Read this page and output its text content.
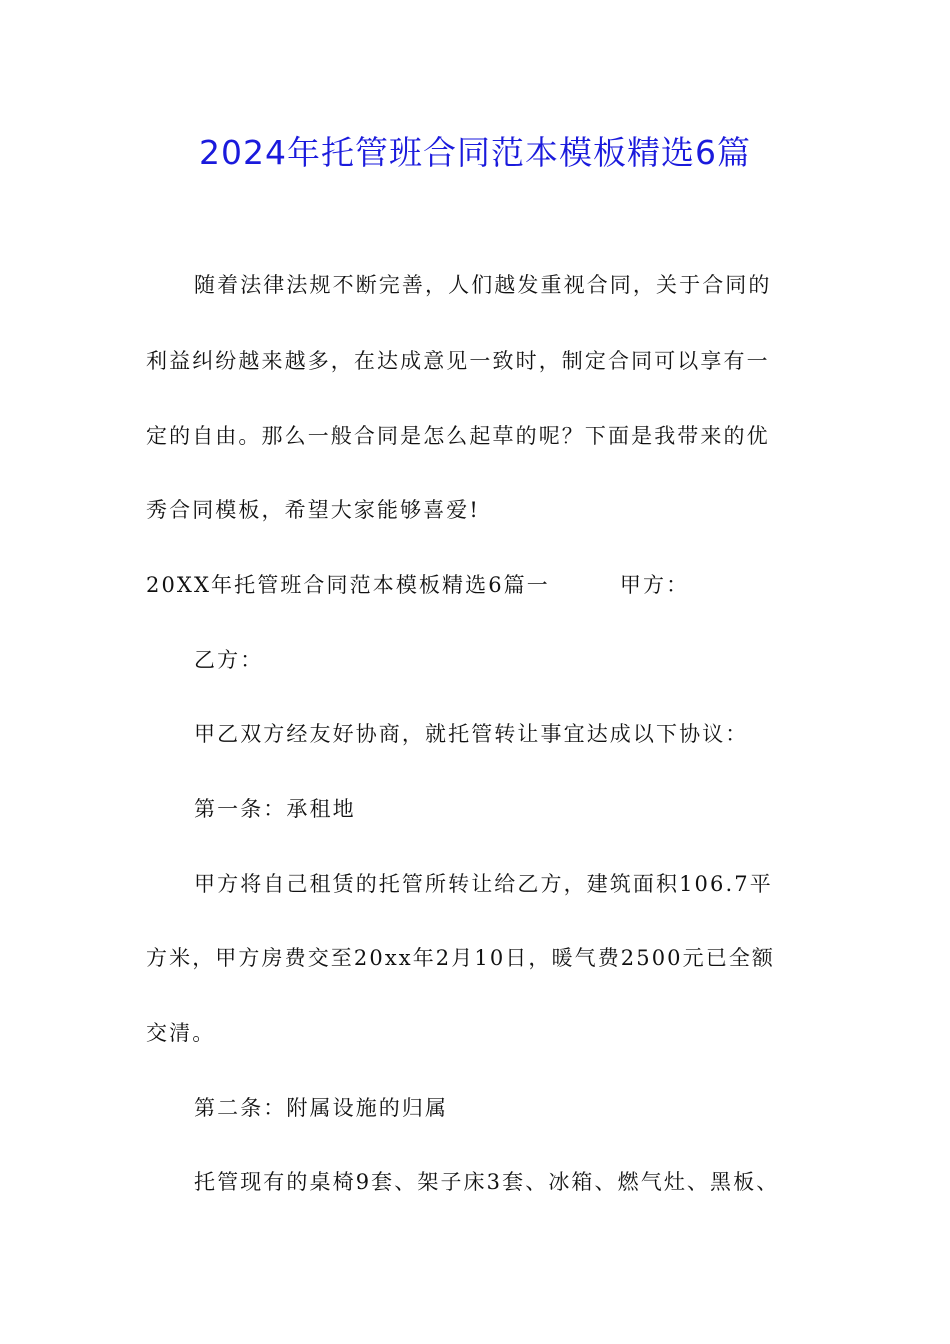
2024年托管班合同范本模板精选6篇
随着法律法规不断完善，人们越发重视合同，关于合同的
利益纠纷越来越多，在达成意见一致时，制定合同可以享有一
定的自由。那么一般合同是怎么起草的呢？下面是我带来的优
秀合同模板，希望大家能够喜爱!
20XX年托管班合同范本模板精选6篇一	甲方：
乙方：
甲乙双方经友好协商，就托管转让事宜达成以下协议：
第一条：承租地
甲方将自己租赁的托管所转让给乙方，建筑面积106.7平
方米，甲方房费交至20xx年2月10日，暖气费2500元已全额
交清。
第二条：附属设施的归属
托管现有的桌椅9套、架子床3套、冰箱、燃气灶、黑板、
